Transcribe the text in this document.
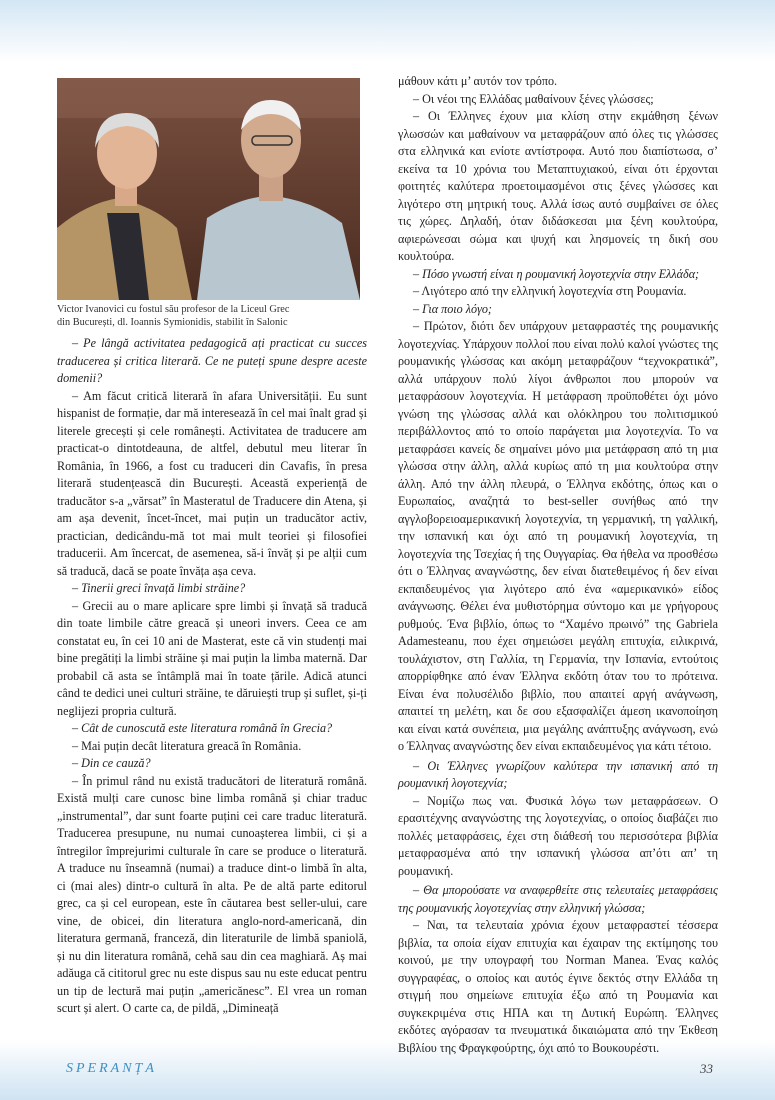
Victor Ivanovici cu fostul său profesor de la Liceul Grec
din București, dl. Ioannis Symionidis, stabilit în Salonic

– Pe lângă activitatea pedagogică ați practicat cu succes traducerea și critica literară. Ce ne puteți spune despre aceste domenii?

– Am făcut critică literară în afara Universității. Eu sunt hispanist de formație, dar mă interesează în cel mai înalt grad și literele grecești și cele românești. Activitatea de traducere am practicat-o dintotdeauna, de altfel, debutul meu literar în România, în 1966, a fost cu traduceri din Cavafis, în presa literară studențească din București. Această experiență de traducător s-a „vărsat” în Masteratul de Traducere din Atena, și am așa devenit, încet-încet, mai puțin un traducător activ, practician, dedicându-mă tot mai mult teoriei și filosofiei traducerii. Am încercat, de asemenea, să-i învăț și pe alții cum să traducă, dacă se poate învăța așa ceva.

– Tinerii greci învață limbi străine?

– Grecii au o mare aplicare spre limbi și învață să traducă din toate limbile către greacă și uneori invers. Ceea ce am constatat eu, în cei 10 ani de Masterat, este că vin studenți mai bine pregătiți la limbi străine și mai puțin la limba maternă. Dar probabil că asta se întâmplă mai în toate țările. Adică atunci când te dedici unei culturi străine, te dăruiești trup și suflet, și-ți neglijezi propria cultură.

– Cât de cunoscută este literatura română în Grecia?

– Mai puțin decât literatura greacă în România.

– Din ce cauză?

– În primul rând nu există traducători de literatură română. Există mulți care cunosc bine limba română și chiar traduc „instrumental”, dar sunt foarte puțini cei care traduc literatură. Traducerea presupune, nu numai cunoașterea limbii, ci și a întregilor împrejurimi culturale în care se produce o literatură. A traduce nu înseamnă (numai) a traduce dint-o limbă în alta, ci (mai ales) dintr-o cultură în alta. Pe de altă parte editorul grec, ca și cel european, este în căutarea best seller-ului, care vine, de obicei, din literatura anglo-nord-americană, din literatura germană, franceză, din literaturile de limbă spaniolă, și nu din literatura română, cehă sau din cea maghiară. Aș mai adăuga că cititorul grec nu este dispus sau nu este educat pentru un tip de lectură mai puțin „americănesc”. El vrea un roman scurt și alert. O carte ca, de pildă, „Dimineață

μάθουν κάτι μ’ αυτόν τον τρόπο.

– Οι νέοι της Ελλάδας μαθαίνουν ξένες γλώσσες;

– Οι Έλληνες έχουν μια κλίση στην εκμάθηση ξένων γλωσσών και μαθαίνουν να μεταφράζουν από όλες τις γλώσσες στα ελληνικά και ενίοτε αντίστροφα. Αυτό που διαπίστωσα, σ’ εκείνα τα 10 χρόνια του Μεταπτυχιακού, είναι ότι έρχονται φοιτητές καλύτερα προετοιμασμένοι στις ξένες γλώσσες και λιγότερο στη μητρική τους. Αλλά ίσως αυτό συμβαίνει σε όλες τις χώρες. Δηλαδή, όταν διδάσκεσαι μια ξένη κουλτούρα, αφιερώνεσαι σώμα και ψυχή και λησμονείς τη δική σου κουλτούρα.

– Πόσο γνωστή είναι η ρουμανική λογοτεχνία στην Ελλάδα;

– Λιγότερο από την ελληνική λογοτεχνία στη Ρουμανία.

– Για ποιο λόγο;

– Πρώτον, διότι δεν υπάρχουν μεταφραστές της ρουμανικής λογοτεχνίας. Υπάρχουν πολλοί που είναι πολύ καλοί γνώστες της ρουμανικής γλώσσας και ακόμη μεταφράζουν “τεχνοκρατικά”, αλλά υπάρχουν πολύ λίγοι άνθρωποι που μπορούν να μεταφράσουν λογοτεχνία. Η μετάφραση προϋποθέτει όχι μόνο γνώση της γλώσσας αλλά και ολόκληρου του πολιτισμικού περιβάλλοντος από το οποίο παράγεται μια λογοτεχνία. Το να μεταφράσει κανείς δε σημαίνει μόνο μια μετάφραση από τη μια γλώσσα στην άλλη, αλλά κυρίως από τη μια κουλτούρα στην άλλη. Από την άλλη πλευρά, ο Έλληνα εκδότης, όπως και ο Ευρωπαίος, αναζητά το best-seller συνήθως από την αγγλοβορειοαμερικανική λογοτεχνία, τη γερμανική, τη γαλλική, την ισπανική και όχι από τη ρουμανική λογοτεχνία, τη λογοτεχνία της Τσεχίας ή της Ουγγαρίας. Θα ήθελα να προσθέσω ότι ο Έλληνας αναγνώστης, δεν είναι διατεθειμένος ή δεν είναι εκπαιδευμένος για λιγότερο από ένα «αμερικανικό» είδος ανάγνωσης. Θέλει ένα μυθιστόρημα σύντομο και με γρήγορους ρυθμούς. Ένα βιβλίο, όπως το “Χαμένο πρωινό” της Gabriela Adamesteanu, που έχει σημειώσει μεγάλη επιτυχία, ειλικρινά, τουλάχιστον, στη Γαλλία, τη Γερμανία, την Ισπανία, εντούτοις απορρίφθηκε από έναν Έλληνα εκδότη όταν του το πρότεινα. Είναι ένα πολυσέλιδο βιβλίο, που απαιτεί αργή ανάγνωση, απαιτεί τη μελέτη, και δε σου εξασφαλίζει άμεση ικανοποίηση και είναι κατά συνέπεια, μια μεγάλης ανάπτυξης ανάγνωση, ενώ ο Έλληνας αναγνώστης δεν είναι εκπαιδευμένος για κάτι τέτοιο.

– Οι Έλληνες γνωρίζουν καλύτερα την ισπανική από τη ρουμανική λογοτεχνία;

– Νομίζω πως ναι. Φυσικά λόγω των μεταφράσεων. Ο ερασιτέχνης αναγνώστης της λογοτεχνίας, ο οποίος διαβάζει πιο πολλές μεταφράσεις, έχει στη διάθεσή του περισσότερα βιβλία μεταφρασμένα από την ισπανική γλώσσα απ’ότι απ’ τη ρουμανική.

– Θα μπορούσατε να αναφερθείτε στις τελευταίες μεταφράσεις της ρουμανικής λογοτεχνίας στην ελληνική γλώσσα;

– Ναι, τα τελευταία χρόνια έχουν μεταφραστεί τέσσερα βιβλία, τα οποία είχαν επιτυχία και έχαιραν της εκτίμησης του κοινού, με την υπογραφή του Norman Manea. Ένας καλός συγγραφέας, ο οποίος και αυτός έγινε δεκτός στην Ελλάδα τη στιγμή που σημείωνε επιτυχία έξω από τη Ρουμανία και συγκεκριμένα στις ΗΠΑ και τη Δυτική Ευρώπη. Έλληνες εκδότες αγόρασαν τα πνευματικά δικαιώματα από την Έκθεση Βιβλίου της Φραγκφούρτης, όχι από το Βουκουρέστι.

SPERANȚA	33
